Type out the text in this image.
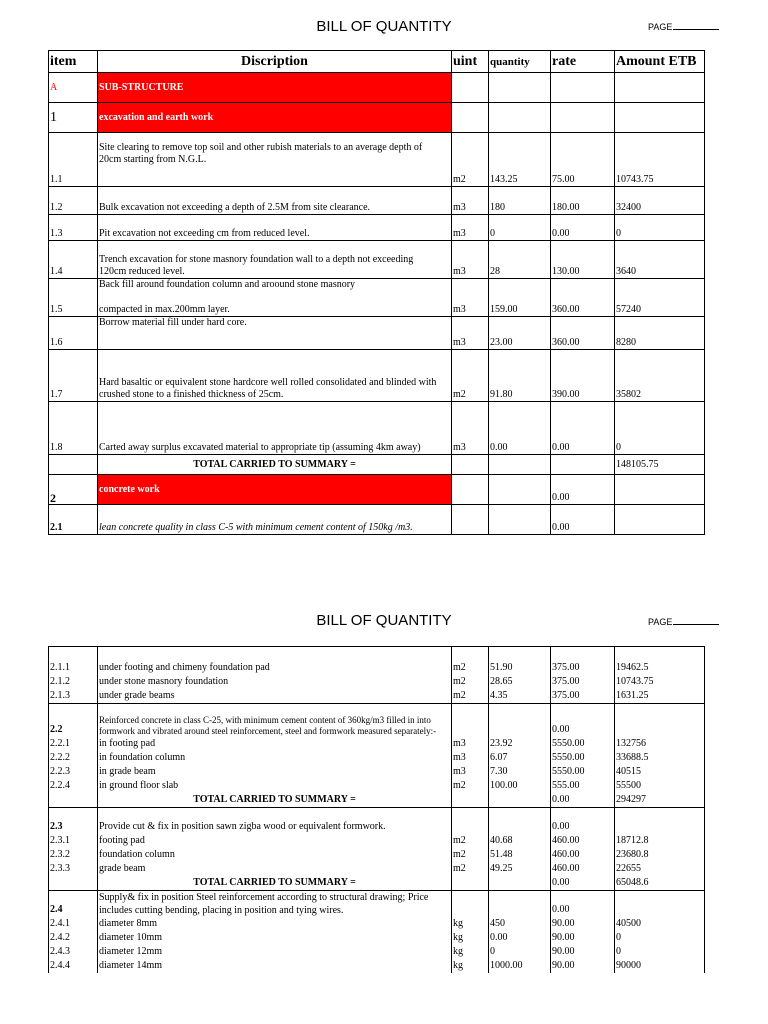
BILL OF QUANTITY	PAGE
item	Discription	uint	quantity	rate	Amount ETB
A	SUB-STRUCTURE				
1	excavation and earth work				
1.1	Site clearing to remove top soil and other rubish materials to an average depth of 20cm starting from N.G.L.	m2	143.25	75.00	10743.75
1.2	Bulk excavation not exceeding a depth of 2.5M from site clearance.	m3	180	180.00	32400
1.3	Pit excavation not exceeding cm from reduced level.	m3	0	0.00	0
1.4	Trench excavation for stone masnory foundation wall to a depth not exceeding 120cm reduced level.	m3	28	130.00	3640
1.5	Back fill around foundation column and aroound stone masnory
compacted in max.200mm layer.	m3	159.00	360.00	57240
1.6	Borrow material fill under hard core.	m3	23.00	360.00	8280
1.7	Hard basaltic or equivalent stone hardcore well rolled consolidated and blinded with crushed stone to a finished thickness of 25cm.	m2	91.80	390.00	35802
1.8	Carted away surplus excavated material to appropriate tip (assuming 4km away)	m3	0.00	0.00	0
	TOTAL CARRIED TO SUMMARY =				148105.75
2	concrete work			0.00	
2.1	lean concrete quality in class C-5 with minimum cement content of 150kg /m3.			0.00	
BILL OF QUANTITY	PAGE

2.1.1	under footing and chimeny foundation pad	m2	51.90	375.00	19462.5
2.1.2	under stone masnory foundation	m2	28.65	375.00	10743.75
2.1.3	under grade beams	m2	4.35	375.00	1631.25

2.2	Reinforced concrete in class C-25, with minimum cement content of 360kg/m3 filled in into formwork and vibrated around steel reinforcement, steel and formwork measured separately:-			0.00	
2.2.1	in footing pad	m3	23.92	5550.00	132756
2.2.2	in foundation column	m3	6.07	5550.00	33688.5
2.2.3	in grade beam	m3	7.30	5550.00	40515
2.2.4	in ground floor slab	m2	100.00	555.00	55500
	TOTAL CARRIED TO SUMMARY =			0.00	294297

2.3	Provide cut & fix in position sawn zigba wood or equivalent formwork.			0.00	
2.3.1	footing pad	m2	40.68	460.00	18712.8
2.3.2	foundation column	m2	51.48	460.00	23680.8
2.3.3	grade beam	m2	49.25	460.00	22655
	TOTAL CARRIED TO SUMMARY =			0.00	65048.6
2.4	Supply& fix in position Steel reinforcement according to structural drawing; Price includes cutting bending, placing in position and tying wires.			0.00	
2.4.1	diameter 8mm	kg	450	90.00	40500
2.4.2	diameter 10mm	kg	0.00	90.00	0
2.4.3	diameter 12mm	kg	0	90.00	0
2.4.4	diameter 14mm	kg	1000.00	90.00	90000
